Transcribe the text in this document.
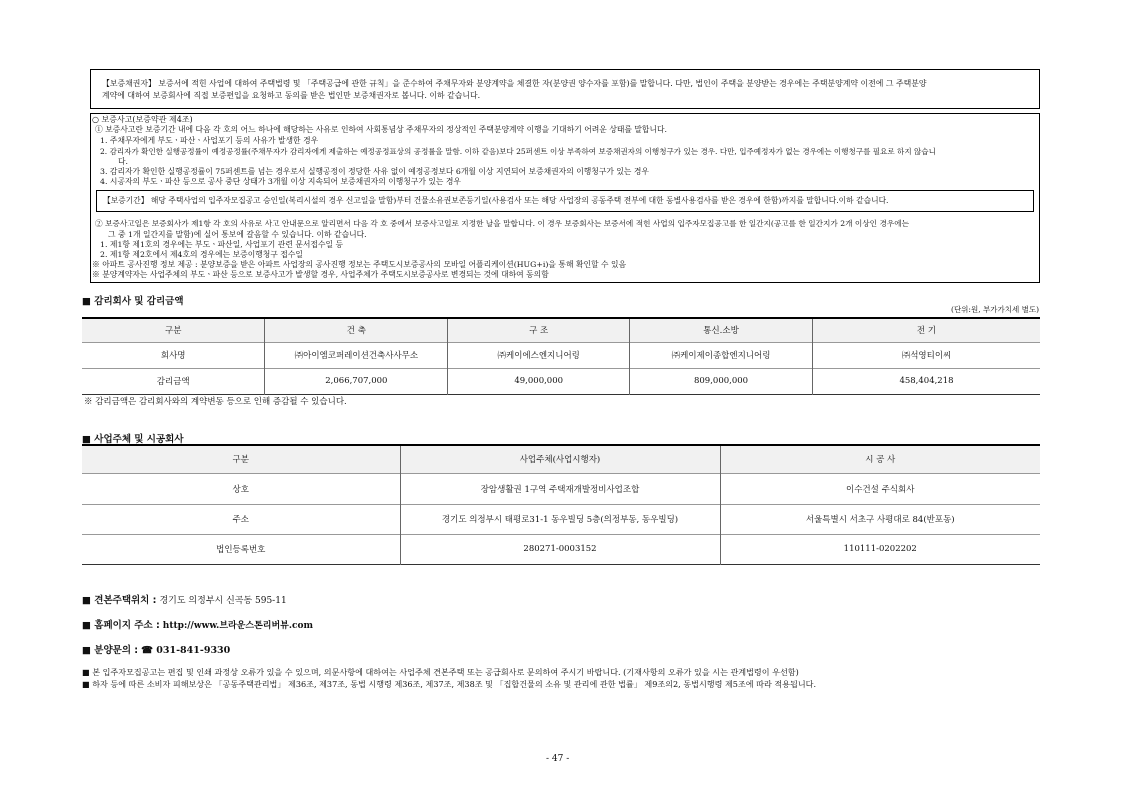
【보증채권자】 보증서에 적힌 사업에 대하여 주택법령 및 「주택공급에 관한 규칙」을 준수하여 주채무자와 분양계약을 체결한 자(분양권 양수자를 포함)를 말합니다. 다만, 법인이 주택을 분양받는 경우에는 주택분양계약 이전에 그 주택분양
계약에 대하여 보증회사에 직접 보증편입을 요청하고 동의를 받은 법인만 보증채권자로 봅니다. 이하 같습니다.
○ 보증사고(보증약관 제4조)
① 보증사고란 보증기간 내에 다음 각 호의 어느 하나에 해당하는 사유로 인하여 사회통념상 주채무자의 정상적인 주택분양계약 이행을 기대하기 어려운 상태를 말합니다.
1. 주채무자에게 부도ㆍ파산ㆍ사업포기 등의 사유가 발생한 경우
2. 감리자가 확인한 실행공정률이 예정공정률(주채무자가 감리자에게 제출하는 예정공정표상의 공정률을 말함. 이하 같음)보다 25퍼센트 이상 부족하여 보증채권자의 이행청구가 있는 경우. 다만, 입주예정자가 없는 경우에는 이행청구를 필요로 하지 않습니
다.
3. 감리자가 확인한 실행공정률이 75퍼센트를 넘는 경우로서 실행공정이 정당한 사유 없이 예정공정보다 6개월 이상 지연되어 보증채권자의 이행청구가 있는 경우
4. 시공자의 부도ㆍ파산 등으로 공사 중단 상태가 3개월 이상 지속되어 보증채권자의 이행청구가 있는 경우
【보증기간】 해당 주택사업의 입주자모집공고 승인일(복리시설의 경우 신고일을 말함)부터 건물소유권보존등기일(사용검사 또는 해당 사업장의 공동주택 전부에 대한 동별사용검사를 받은 경우에 한함)까지를 말합니다.이하 같습니다.
② 보증사고일은 보증회사가 제1항 각 호의 사유로 사고 안내문으로 알리면서 다음 각 호 중에서 보증사고일로 지정한 날을 말합니다. 이 경우 보증회사는 보증서에 적힌 사업의 입주자모집공고를 한 일간지(공고를 한 일간지가 2개 이상인 경우에는
그 중 1개 일간지를 말함)에 실어 통보에 갈음할 수 있습니다. 이하 같습니다.
1. 제1항 제1호의 경우에는 부도ㆍ파산일, 사업포기 관련 문서접수일 등
2. 제1항 제2호에서 제4호의 경우에는 보증이행청구 접수일
※ 아파트 공사진행 정보 제공 : 분양보증을 받은 아파트 사업장의 공사진행 정보는 주택도시보증공사의 모바일 어플리케이션(HUG+i)을 통해 확인할 수 있음
※ 분양계약자는 사업주체의 부도ㆍ파산 등으로 보증사고가 발생할 경우, 사업주체가 주택도시보증공사로 변경되는 것에 대하여 동의함
■ 감리회사 및 감리금액
(단위:원, 부가가치세 별도)
구분	건 축	구 조	통신.소방	전 기
회사명	㈜아이엠코퍼레이션건축사사무소	㈜케이에스엔지니어링	㈜케이제이종합엔지니어링	㈜석영티이씨
감리금액	2,066,707,000	49,000,000	809,000,000	458,404,218
※ 감리금액은 감리회사와의 계약변동 등으로 인해 증감될 수 있습니다.
■ 사업주체 및 시공회사
구분	사업주체(사업시행자)	시 공 사
상호	장암생활권 1구역 주택재개발정비사업조합	이수건설 주식회사
주소	경기도 의정부시 태평로31-1 동우빌딩 5층(의정부동, 동우빌딩)	서울특별시 서초구 사평대로 84(반포동)
법인등록번호	280271-0003152	110111-0202202
■ 견본주택위치 : 경기도 의정부시 신곡동 595-11
■ 홈페이지 주소 : http://www.브라운스톤리버뷰.com
■ 분양문의 : ☎ 031-841-9330
■ 본 입주자모집공고는 편집 및 인쇄 과정상 오류가 있을 수 있으며, 의문사항에 대하여는 사업주체 견본주택 또는 공급회사로 문의하여 주시기 바랍니다. (기재사항의 오류가 있을 시는 관계법령이 우선함)
■ 하자 등에 따른 소비자 피해보상은 「공동주택관리법」 제36조, 제37조, 동법 시행령 제36조, 제37조, 제38조 및 「집합건물의 소유 및 관리에 관한 법률」 제9조의2, 동법시행령 제5조에 따라 적용됩니다.
- 47 -
